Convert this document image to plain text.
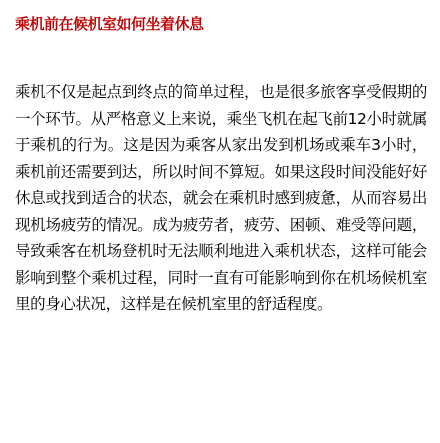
乘机前在候机室如何坐着休息
乘机不仅是起点到终点的简单过程，也是很多旅客享受假期的一个环节。从严格意义上来说，乘坐飞机在起飞前12小时就属于乘机的行为。这是因为乘客从家出发到机场或乘车3小时，乘机前还需要到达，所以时间不算短。如果这段时间没能好好休息或找到适合的状态，就会在乘机时感到疲惫，从而容易出现机场疲劳的情况。成为疲劳者，疲劳、困顿、难受等问题，导致乘客在机场登机时无法顺利地进入乘机状态，这样可能会影响到整个乘机过程，同时一直有可能影响到你在机场候机室里的身心状况，这样是在候机室里的舒适程度。
